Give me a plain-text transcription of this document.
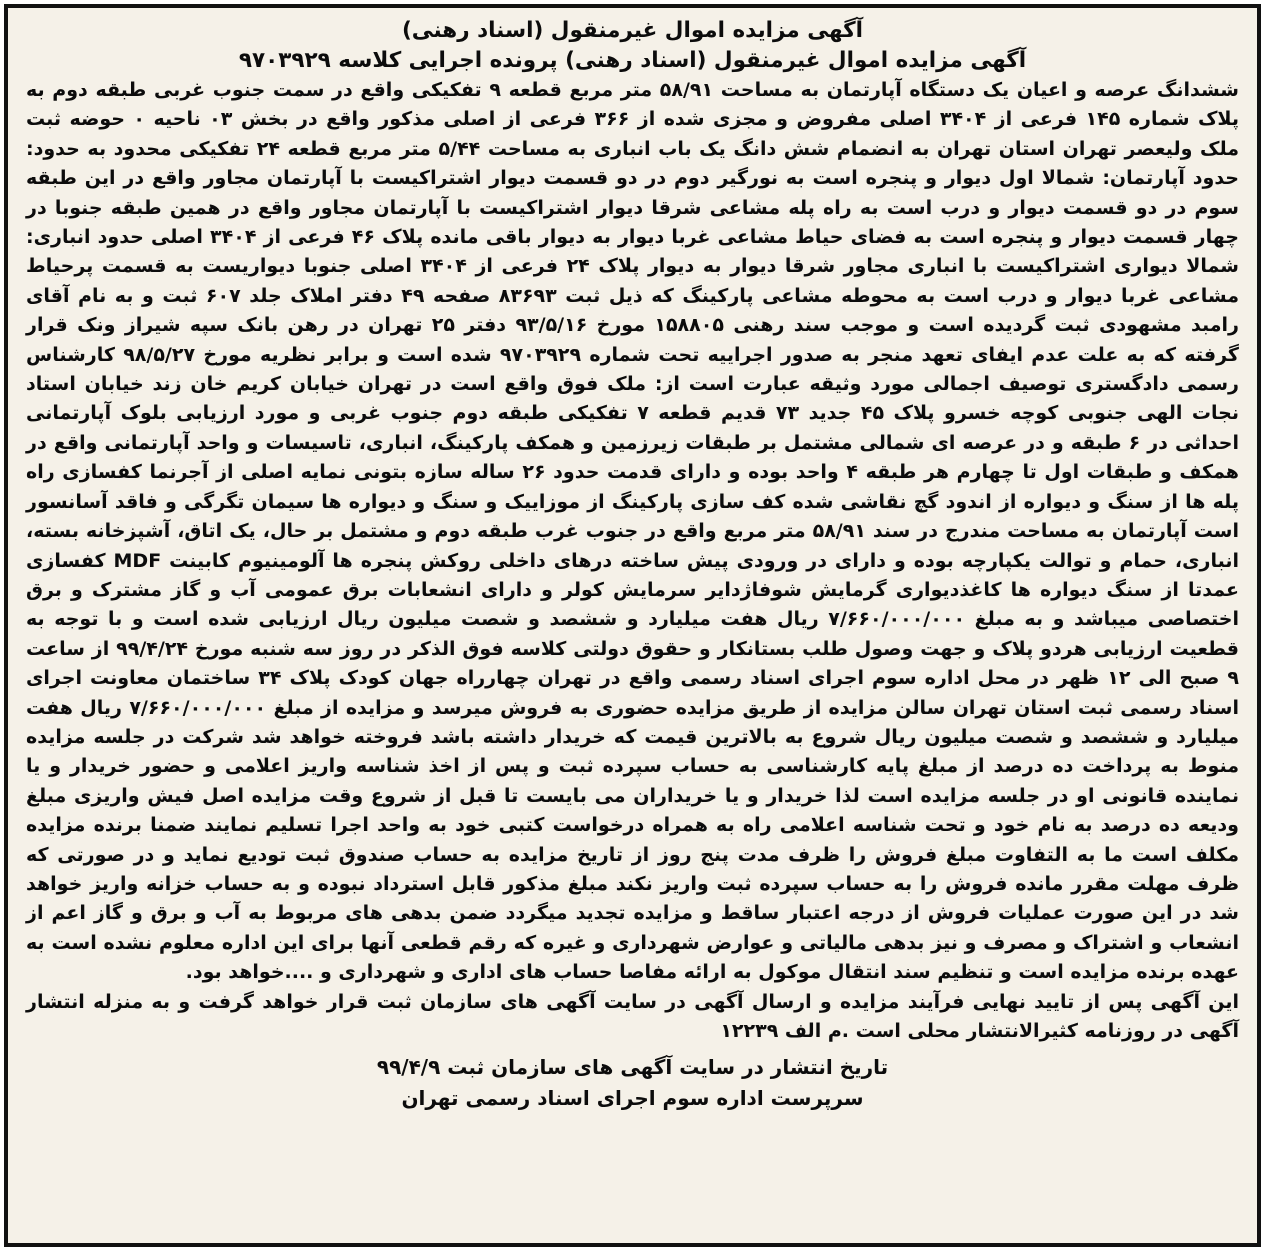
آگهی مزایده اموال غیرمنقول (اسناد رهنی)

آگهی مزایده اموال غیرمنقول (اسناد رهنی) پرونده اجرایی کلاسه ۹۷۰۳۹۲۹

ششدانگ عرصه و اعیان یک دستگاه آپارتمان به مساحت ۵۸/۹۱ متر مربع قطعه ۹ تفکیکی واقع در سمت جنوب غربی طبقه دوم به پلاک شماره ۱۴۵ فرعی از ۳۴۰۴ اصلی مفروض و مجزی شده از ۳۶۶ فرعی از اصلی مذکور واقع در بخش ۰۳ ناحیه ۰ حوضه ثبت ملک ولیعصر تهران استان تهران به انضمام شش دانگ یک باب انباری به مساحت ۵/۴۴ متر مربع قطعه ۲۴ تفکیکی محدود به حدود: حدود آپارتمان: شمالا اول دیوار و پنجره است به نورگیر دوم در دو قسمت دیوار اشتراکیست با آپارتمان مجاور واقع در این طبقه سوم در دو قسمت دیوار و درب است به راه پله مشاعی شرقا دیوار اشتراکیست با آپارتمان مجاور واقع در همین طبقه جنوبا در چهار قسمت دیوار و پنجره است به فضای حیاط مشاعی غربا دیوار به دیوار باقی مانده پلاک ۴۶ فرعی از ۳۴۰۴ اصلی حدود انباری: شمالا دیواری اشتراکیست با انباری مجاور شرقا دیوار به دیوار پلاک ۲۴ فرعی از ۳۴۰۴ اصلی جنوبا دیواریست به قسمت پرحیاط مشاعی غربا دیوار و درب است به محوطه مشاعی پارکینگ که ذیل ثبت ۸۳۶۹۳ صفحه ۴۹ دفتر املاک جلد ۶۰۷ ثبت و به نام آقای رامبد مشهودی ثبت گردیده است و موجب سند رهنی ۱۵۸۸۰۵ مورخ ۹۳/۵/۱۶ دفتر ۲۵ تهران در رهن بانک سپه شیراز ونک قرار گرفته که به علت عدم ایفای تعهد منجر به صدور اجراییه تحت شماره ۹۷۰۳۹۲۹ شده است و برابر نظریه مورخ ۹۸/۵/۲۷ کارشناس رسمی دادگستری توصیف اجمالی مورد وثیقه عبارت است از: ملک فوق واقع است در تهران خیابان کریم خان زند خیابان استاد نجات الهی جنوبی کوچه خسرو پلاک ۴۵ جدید ۷۳ قدیم قطعه ۷ تفکیکی طبقه دوم جنوب غربی و مورد ارزیابی بلوک آپارتمانی احداثی در ۶ طبقه و در عرصه ای شمالی مشتمل بر طبقات زیرزمین و همکف پارکینگ، انباری، تاسیسات و واحد آپارتمانی واقع در همکف و طبقات اول تا چهارم هر طبقه ۴ واحد بوده و دارای قدمت حدود ۲۶ ساله سازه بتونی نمایه اصلی از آجرنما کفسازی راه پله ها از سنگ و دیواره از اندود گچ نقاشی شده کف سازی پارکینگ از موزاییک و سنگ و دیواره ها سیمان تگرگی و فاقد آسانسور است آپارتمان به مساحت مندرج در سند ۵۸/۹۱ متر مربع واقع در جنوب غرب طبقه دوم و مشتمل بر حال، یک اتاق، آشپزخانه بسته، انباری، حمام و توالت یکپارچه بوده و دارای در ورودی پیش ساخته درهای داخلی روکش پنجره ها آلومینیوم کابینت MDF کفسازی عمدتا از سنگ دیواره ها کاغذدیواری گرمایش شوفاژدایر سرمایش کولر و دارای انشعابات برق عمومی آب و گاز مشترک و برق اختصاصی میباشد و به مبلغ ۷/۶۶۰/۰۰۰/۰۰۰ ریال هفت میلیارد و ششصد و شصت میلیون ریال ارزیابی شده است و با توجه به قطعیت ارزیابی هردو پلاک و جهت وصول طلب بستانکار و حقوق دولتی کلاسه فوق الذکر در روز سه شنبه مورخ ۹۹/۴/۲۴ از ساعت ۹ صبح الی ۱۲ ظهر در محل اداره سوم اجرای اسناد رسمی واقع در تهران چهارراه جهان کودک پلاک ۳۴ ساختمان معاونت اجرای اسناد رسمی ثبت استان تهران سالن مزایده از طریق مزایده حضوری به فروش میرسد و مزایده از مبلغ ۷/۶۶۰/۰۰۰/۰۰۰ ریال هفت میلیارد و ششصد و شصت میلیون ریال شروع به بالاترین قیمت که خریدار داشته باشد فروخته خواهد شد شرکت در جلسه مزایده منوط به پرداخت ده درصد از مبلغ پایه کارشناسی به حساب سپرده ثبت و پس از اخذ شناسه واریز اعلامی و حضور خریدار و یا نماینده قانونی او در جلسه مزایده است لذا خریدار و یا خریداران می بایست تا قبل از شروع وقت مزایده اصل فیش واریزی مبلغ ودیعه ده درصد به نام خود و تحت شناسه اعلامی راه به همراه درخواست کتبی خود به واحد اجرا تسلیم نمایند ضمنا برنده مزایده مکلف است ما به التفاوت مبلغ فروش را ظرف مدت پنج روز از تاریخ مزایده به حساب صندوق ثبت تودیع نماید و در صورتی که ظرف مهلت مقرر مانده فروش را به حساب سپرده ثبت واریز نکند مبلغ مذکور قابل استرداد نبوده و به حساب خزانه واریز خواهد شد در این صورت عملیات فروش از درجه اعتبار ساقط و مزایده تجدید میگردد ضمن بدهی های مربوط به آب و برق و گاز اعم از انشعاب و اشتراک و مصرف و نیز بدهی مالیاتی و عوارض شهرداری و غیره که رقم قطعی آنها برای این اداره معلوم نشده است به عهده برنده مزایده است و تنظیم سند انتقال موکول به ارائه مفاصا حساب های اداری و شهرداری و ....خواهد بود.

این آگهی پس از تایید نهایی فرآیند مزایده و ارسال آگهی در سایت آگهی های سازمان ثبت قرار خواهد گرفت و به منزله انتشار آگهی در روزنامه کثیرالانتشار محلی است .م الف ۱۲۲۳۹

تاریخ انتشار در سایت آگهی های سازمان ثبت ۹۹/۴/۹

سرپرست اداره سوم اجرای اسناد رسمی تهران
